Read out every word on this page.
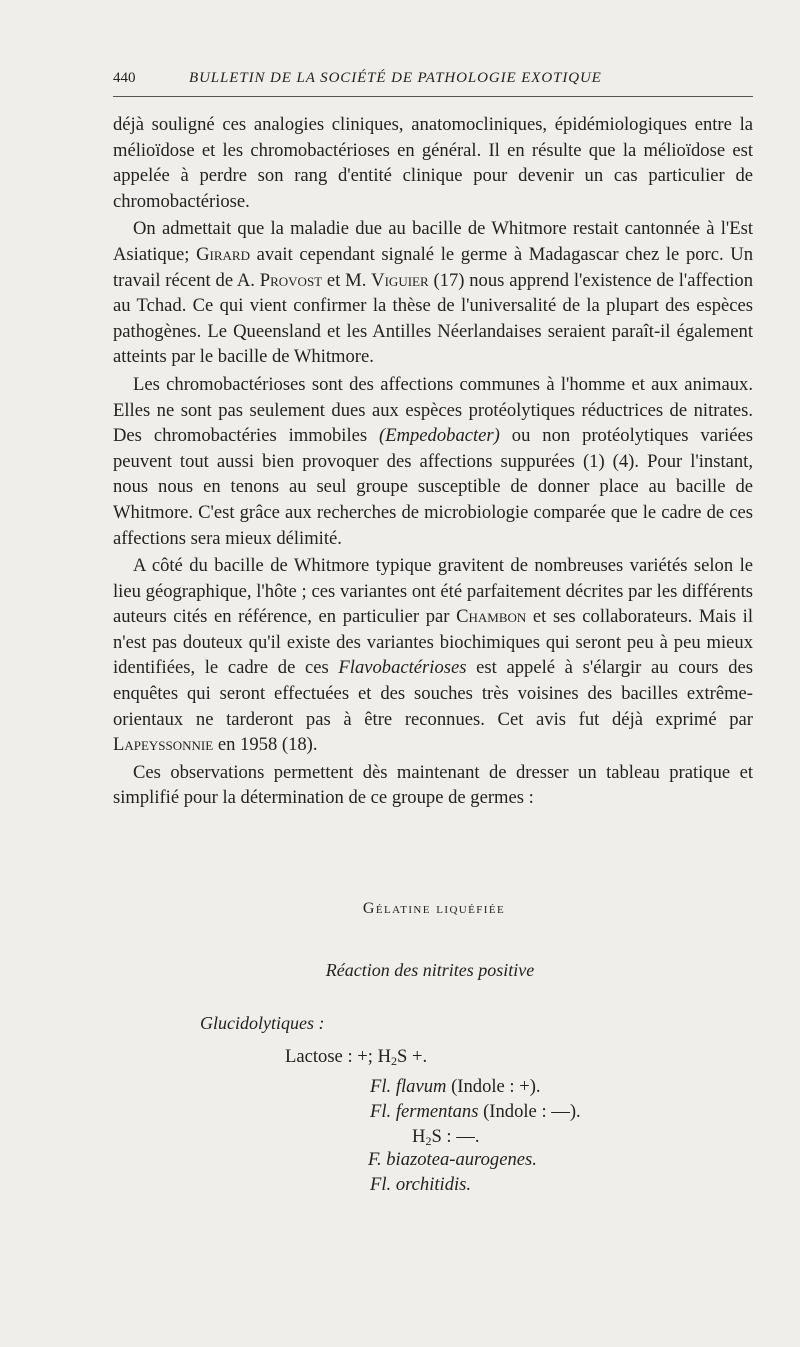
440	BULLETIN DE LA SOCIÉTÉ DE PATHOLOGIE EXOTIQUE

déjà souligné ces analogies cliniques, anatomocliniques, épidémiologiques entre la mélioïdose et les chromobactérioses en général. Il en résulte que la mélioïdose est appelée à perdre son rang d'entité clinique pour devenir un cas particulier de chromobactériose.

On admettait que la maladie due au bacille de Whitmore restait cantonnée à l'Est Asiatique; Girard avait cependant signalé le germe à Madagascar chez le porc. Un travail récent de A. Provost et M. Viguier (17) nous apprend l'existence de l'affection au Tchad. Ce qui vient confirmer la thèse de l'universalité de la plupart des espèces pathogènes. Le Queensland et les Antilles Néerlandaises seraient paraît-il également atteints par le bacille de Whitmore.

Les chromobactérioses sont des affections communes à l'homme et aux animaux. Elles ne sont pas seulement dues aux espèces protéolytiques réductrices de nitrates. Des chromobactéries immobiles (Empedobacter) ou non protéolytiques variées peuvent tout aussi bien provoquer des affections suppurées (1) (4). Pour l'instant, nous nous en tenons au seul groupe susceptible de donner place au bacille de Whitmore. C'est grâce aux recherches de microbiologie comparée que le cadre de ces affections sera mieux délimité.

A côté du bacille de Whitmore typique gravitent de nombreuses variétés selon le lieu géographique, l'hôte ; ces variantes ont été parfaitement décrites par les différents auteurs cités en référence, en particulier par Chambon et ses collaborateurs. Mais il n'est pas douteux qu'il existe des variantes biochimiques qui seront peu à peu mieux identifiées, le cadre de ces Flavobactérioses est appelé à s'élargir au cours des enquêtes qui seront effectuées et des souches très voisines des bacilles extrême-orientaux ne tarderont pas à être reconnues. Cet avis fut déjà exprimé par Lapeyssonnie en 1958 (18).

Ces observations permettent dès maintenant de dresser un tableau pratique et simplifié pour la détermination de ce groupe de germes :

Gélatine liquéfiée
Réaction des nitrites positive
Glucidolytiques :
Lactose : +; $H_2S$ +.
Fl. flavum (Indole : +).
Fl. fermentans (Indole : —).
$H_2S$ : —.
F. biazotea-aurogenes.
Fl. orchitidis.
